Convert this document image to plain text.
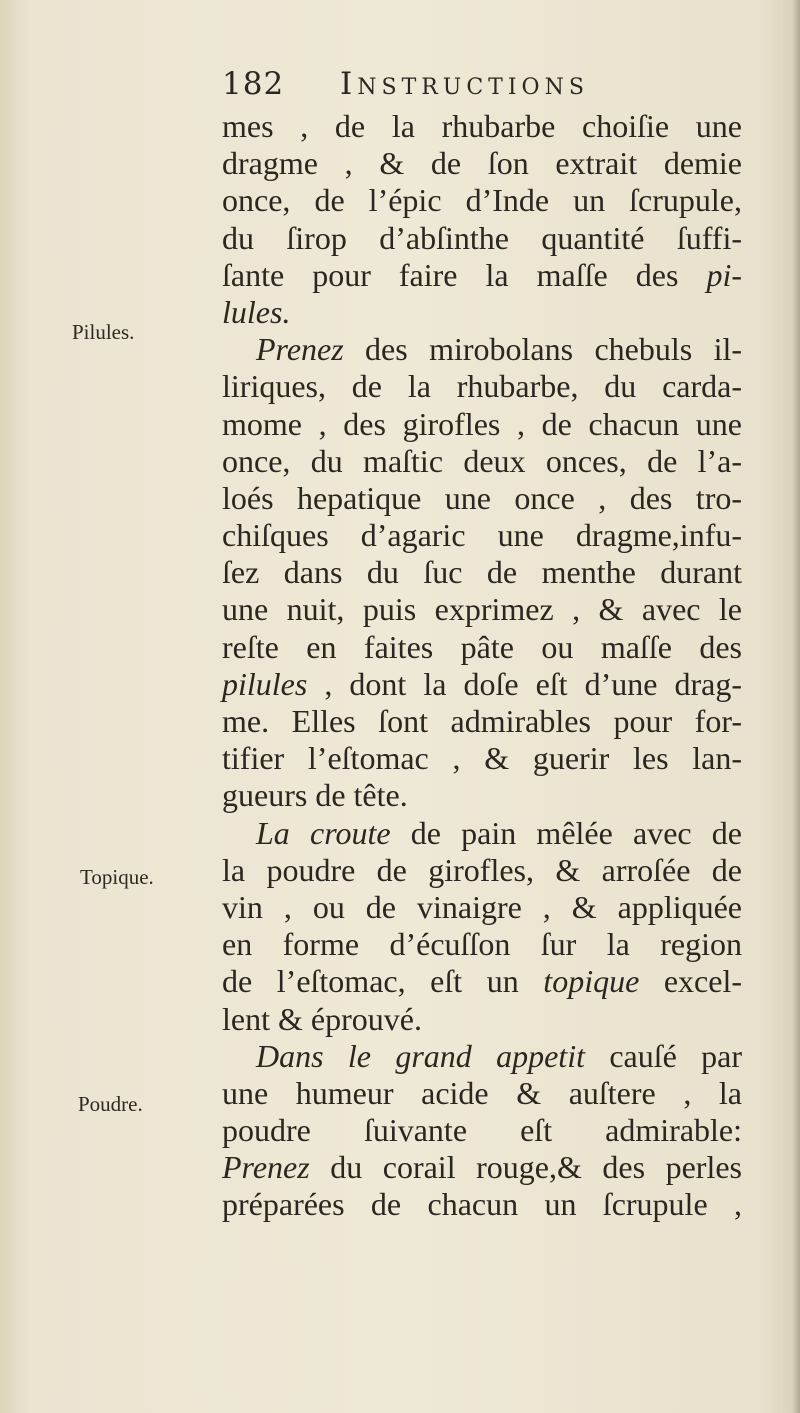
182 Instructions
Pilules.
Topique.
Poudre.
mes , de la rhubarbe choiſie une
dragme , & de ſon extrait demie
once, de l’épic d’Inde un ſcrupule,
du ſirop d’abſinthe quantité ſuffi-
ſante pour faire la maſſe des pi-
lules.
Prenez des mirobolans chebuls il-
liriques, de la rhubarbe, du carda-
mome , des girofles , de chacun une
once, du maſtic deux onces, de l’a-
loés hepatique une once , des tro-
chiſques d’agaric une dragme,infu-
ſez dans du ſuc de menthe durant
une nuit, puis exprimez , & avec le
reſte en faites pâte ou maſſe des
pilules , dont la doſe eſt d’une drag-
me. Elles ſont admirables pour for-
tifier l’eſtomac , & guerir les lan-
gueurs de tête.
La croute de pain mêlée avec de
la poudre de girofles, & arroſée de
vin , ou de vinaigre , & appliquée
en forme d’écuſſon ſur la region
de l’eſtomac, eſt un topique excel-
lent & éprouvé.
Dans le grand appetit cauſé par
une humeur acide & auſtere , la
poudre ſuivante eſt admirable:
Prenez du corail rouge,& des perles
préparées de chacun un ſcrupule ,
